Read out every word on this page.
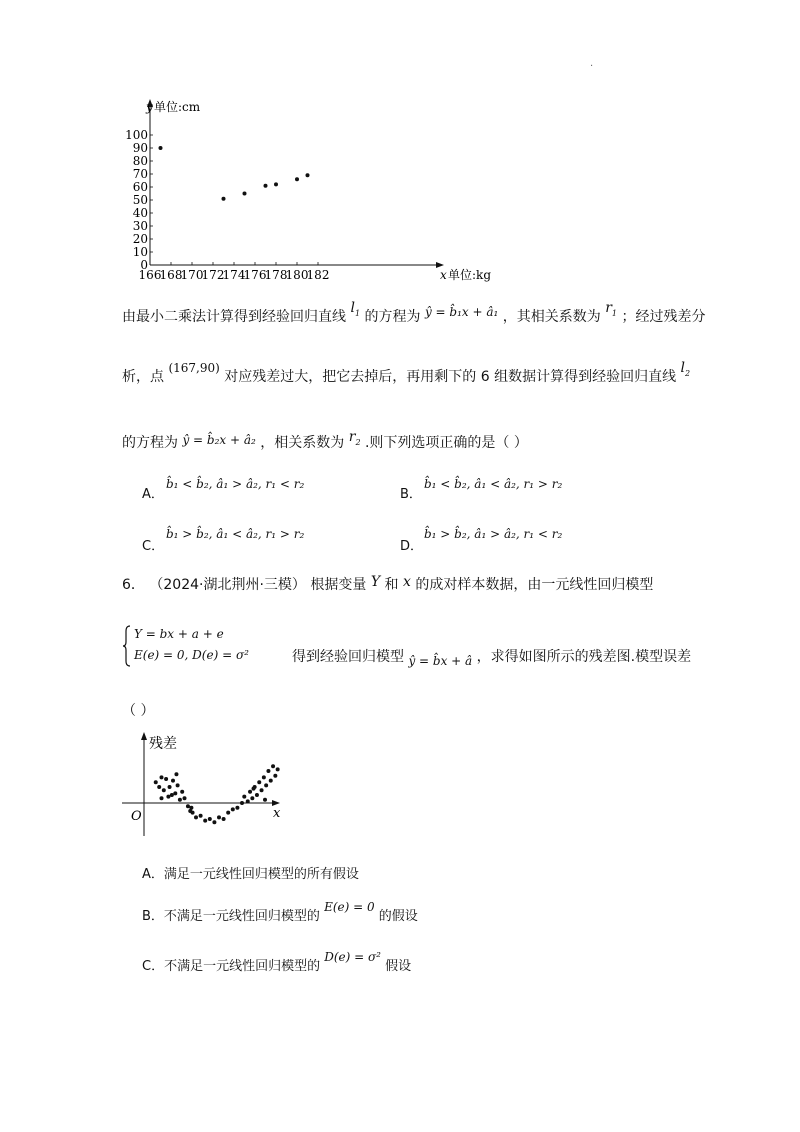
·
0
10
20
30
40
50
60
70
80
90
100
166
168
170
172
174
176
178
180
182
y 单位:cm
x 单位:kg
由最小二乘法计算得到经验回归直线 $l_1$ 的方程为 ŷ = b̂₁x + â₁ ，其相关系数为 $r_1$ ；经过残差分
析，点 (167,90) 对应残差过大，把它去掉后，再用剩下的 6 组数据计算得到经验回归直线 $l_2$
的方程为 ŷ = b̂₂x + â₂ ，相关系数为 $r_2$ .则下列选项正确的是（ ）
A．
b̂₁ < b̂₂, â₁ > â₂, r₁ < r₂
B．
b̂₁ < b̂₂, â₁ < â₂, r₁ > r₂
C．
b̂₁ > b̂₂, â₁ < â₂, r₁ > r₂
D．
b̂₁ > b̂₂, â₁ > â₂, r₁ < r₂
6． （2024·湖北荆州·三模） 根据变量 Y 和 x 的成对样本数据，由一元线性回归模型
Y = bx + a + e
E(e) = 0, D(e) = σ²	得到经验回归模型 ŷ = b̂x + â ，求得如图所示的残差图.模型误差
（ ）
残差
O	x
A．满足一元线性回归模型的所有假设
B．不满足一元线性回归模型的 E(e) = 0 的假设
C．不满足一元线性回归模型的 D(e) = σ² 假设
